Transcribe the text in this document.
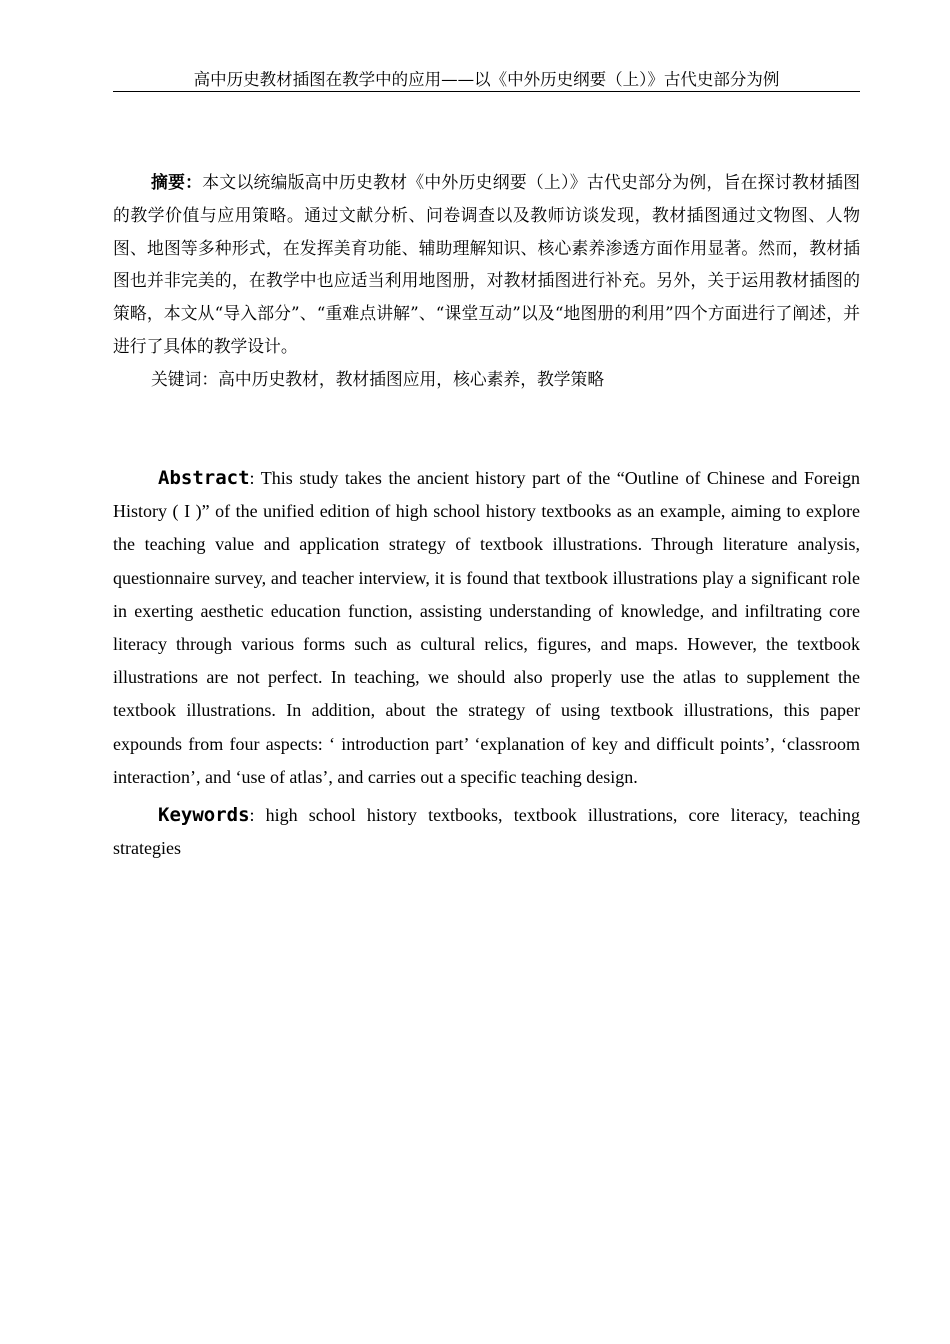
高中历史教材插图在教学中的应用——以《中外历史纲要（上）》古代史部分为例

摘要：本文以统编版高中历史教材《中外历史纲要（上）》古代史部分为例，旨在探讨教材插图的教学价值与应用策略。通过文献分析、问卷调查以及教师访谈发现，教材插图通过文物图、人物图、地图等多种形式，在发挥美育功能、辅助理解知识、核心素养渗透方面作用显著。然而，教材插图也并非完美的，在教学中也应适当利用地图册，对教材插图进行补充。另外，关于运用教材插图的策略，本文从“导入部分”、“重难点讲解”、“课堂互动”以及“地图册的利用”四个方面进行了阐述，并进行了具体的教学设计。

关键词：高中历史教材，教材插图应用，核心素养，教学策略

Abstract: This study takes the ancient history part of the “Outline of Chinese and Foreign History ( I )” of the unified edition of high school history textbooks as an example, aiming to explore the teaching value and application strategy of textbook illustrations. Through literature analysis, questionnaire survey, and teacher interview, it is found that textbook illustrations play a significant role in exerting aesthetic education function, assisting understanding of knowledge, and infiltrating core literacy through various forms such as cultural relics, figures, and maps. However, the textbook illustrations are not perfect. In teaching, we should also properly use the atlas to supplement the textbook illustrations. In addition, about the strategy of using textbook illustrations, this paper expounds from four aspects: ‘ introduction part’ ‘explanation of key and difficult points’, ‘classroom interaction’, and ‘use of atlas’, and carries out a specific teaching design.

Keywords: high school history textbooks, textbook illustrations, core literacy, teaching strategies
